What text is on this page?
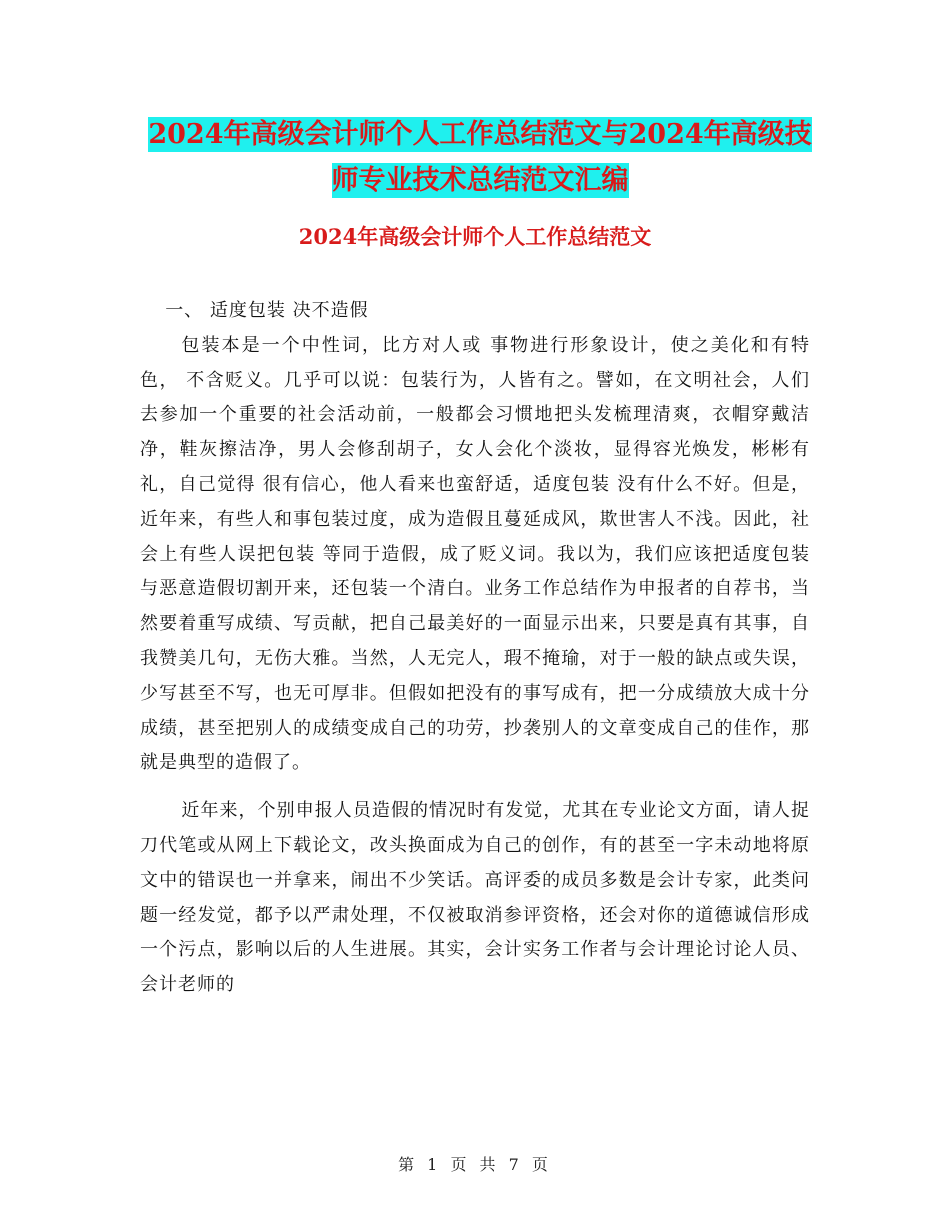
2024年高级会计师个人工作总结范文与2024年高级技
师专业技术总结范文汇编
2024年高级会计师个人工作总结范文

一、 适度包装 决不造假

包装本是一个中性词，比方对人或 事物进行形象设计，使之美化和有特色， 不含贬义。几乎可以说：包装行为，人皆有之。譬如，在文明社会，人们去参加一个重要的社会活动前，一般都会习惯地把头发梳理清爽，衣帽穿戴洁净，鞋灰擦洁净，男人会修刮胡子，女人会化个淡妆，显得容光焕发，彬彬有礼，自己觉得 很有信心，他人看来也蛮舒适，适度包装 没有什么不好。但是，近年来，有些人和事包装过度，成为造假且蔓延成风，欺世害人不浅。因此，社会上有些人误把包装 等同于造假，成了贬义词。我以为，我们应该把适度包装与恶意造假切割开来，还包装一个清白。业务工作总结作为申报者的自荐书，当然要着重写成绩、写贡献，把自己最美好的一面显示出来，只要是真有其事，自我赞美几句，无伤大雅。当然，人无完人，瑕不掩瑜，对于一般的缺点或失误，少写甚至不写，也无可厚非。但假如把没有的事写成有，把一分成绩放大成十分成绩，甚至把别人的成绩变成自己的功劳，抄袭别人的文章变成自己的佳作，那就是典型的造假了。

近年来，个别申报人员造假的情况时有发觉，尤其在专业论文方面，请人捉刀代笔或从网上下载论文，改头换面成为自己的创作，有的甚至一字未动地将原文中的错误也一并拿来，闹出不少笑话。高评委的成员多数是会计专家，此类问题一经发觉，都予以严肃处理，不仅被取消参评资格，还会对你的道德诚信形成一个污点，影响以后的人生进展。其实，会计实务工作者与会计理论讨论人员、会计老师的

第 1 页 共 7 页
